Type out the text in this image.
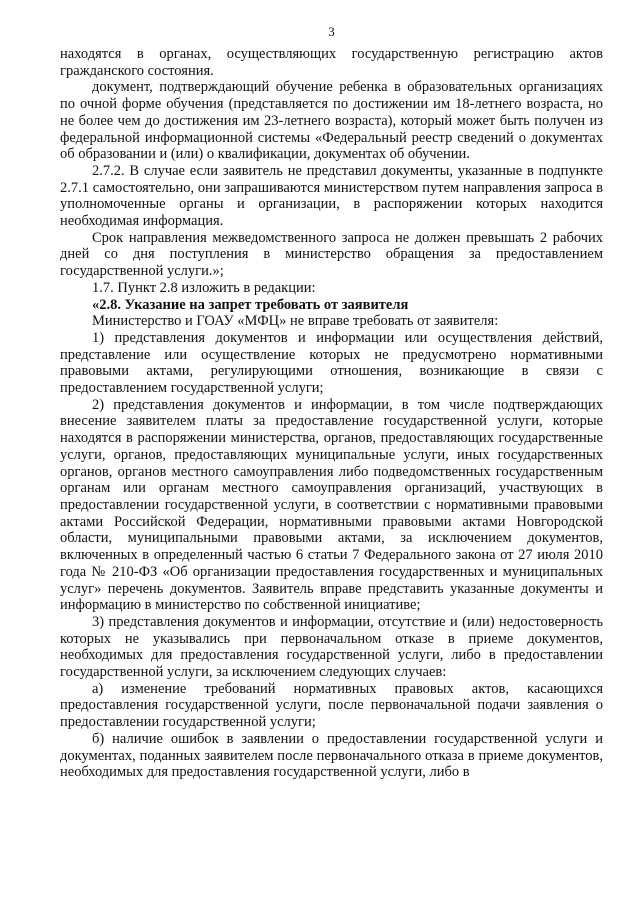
3

находятся в органах, осуществляющих государственную регистрацию актов гражданского состояния.

документ, подтверждающий обучение ребенка в образовательных организациях по очной форме обучения (представляется по достижении им 18-летнего возраста, но не более чем до достижения им 23-летнего возраста), который может быть получен из федеральной информационной системы «Федеральный реестр сведений о документах об образовании и (или) о квалификации, документах об обучении.

2.7.2. В случае если заявитель не представил документы, указанные в подпункте 2.7.1 самостоятельно, они запрашиваются министерством путем направления запроса в уполномоченные органы и организации, в распоряжении которых находится необходимая информация.

Срок направления межведомственного запроса не должен превышать 2 рабочих дней со дня поступления в министерство обращения за предоставлением государственной услуги.»;

1.7. Пункт 2.8 изложить в редакции:

«2.8. Указание на запрет требовать от заявителя

Министерство и ГОАУ «МФЦ» не вправе требовать от заявителя:

1) представления документов и информации или осуществления действий, представление или осуществление которых не предусмотрено нормативными правовыми актами, регулирующими отношения, возникающие в связи с предоставлением государственной услуги;

2) представления документов и информации, в том числе подтверждающих внесение заявителем платы за предоставление государственной услуги, которые находятся в распоряжении министерства, органов, предоставляющих государственные услуги, органов, предоставляющих муниципальные услуги, иных государственных органов, органов местного самоуправления либо подведомственных государственным органам или органам местного самоуправления организаций, участвующих в предоставлении государственной услуги, в соответствии с нормативными правовыми актами Российской Федерации, нормативными правовыми актами Новгородской области, муниципальными правовыми актами, за исключением документов, включенных в определенный частью 6 статьи 7 Федерального закона от 27 июля 2010 года № 210-ФЗ «Об организации предоставления государственных и муниципальных услуг» перечень документов. Заявитель вправе представить указанные документы и информацию в министерство по собственной инициативе;

3) представления документов и информации, отсутствие и (или) недостоверность которых не указывались при первоначальном отказе в приеме документов, необходимых для предоставления государственной услуги, либо в предоставлении государственной услуги, за исключением следующих случаев:

а) изменение требований нормативных правовых актов, касающихся предоставления государственной услуги, после первоначальной подачи заявления о предоставлении государственной услуги;

б) наличие ошибок в заявлении о предоставлении государственной услуги и документах, поданных заявителем после первоначального отказа в приеме документов, необходимых для предоставления государственной услуги, либо в
